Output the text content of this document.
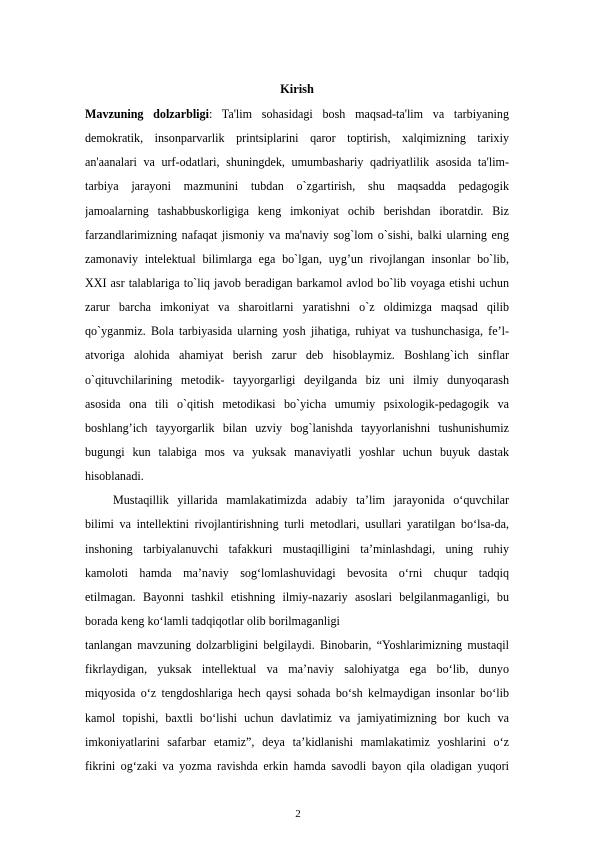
Kirish

Mavzuning dolzarbligi: Ta'lim sohasidagi bosh maqsad-ta'lim va tarbiyaning
demokratik, insonparvarlik printsiplarini qaror toptirish, xalqimizning tarixiy
an'aanalari va urf-odatlari, shuningdek, umumbashariy qadriyatlilik asosida ta'lim-
tarbiya jarayoni mazmunini tubdan o`zgartirish, shu maqsadda pedagogik
jamoalarning tashabbuskorligiga keng imkoniyat ochib berishdan iboratdir. Biz
farzandlarimizning nafaqat jismoniy va ma'naviy sog`lom o`sishi, balki ularning eng
zamonaviy intelektual bilimlarga ega bo`lgan, uyg’un rivojlangan insonlar bo`lib,
XXI asr talablariga to`liq javob beradigan barkamol avlod bo`lib voyaga etishi uchun
zarur barcha imkoniyat va sharoitlarni yaratishni o`z oldimizga maqsad qilib
qo`yganmiz. Bola tarbiyasida ularning yosh jihatiga, ruhiyat va tushunchasiga, fe’l-
atvoriga alohida ahamiyat berish zarur deb hisoblaymiz. Boshlang`ich sinflar
o`qituvchilarining metodik- tayyorgarligi deyilganda biz uni ilmiy dunyoqarash
asosida ona tili o`qitish metodikasi bo`yicha umumiy psixologik-pedagogik va
boshlang’ich tayyorgarlik bilan uzviy bog`lanishda tayyorlanishni tushunishumiz
bugungi kun talabiga mos va yuksak manaviyatli yoshlar uchun buyuk dastak
hisoblanadi.

Mustaqillik yillarida mamlakatimizda adabiy ta’lim jarayonida o‘quvchilar
bilimi va intellektini rivojlantirishning turli metodlari, usullari yaratilgan bo‘lsa-da,
inshoning tarbiyalanuvchi tafakkuri mustaqilligini ta’minlashdagi, uning ruhiy
kamoloti hamda ma’naviy sog‘lomlashuvidagi bevosita o‘rni chuqur tadqiq
etilmagan. Bayonni tashkil etishning ilmiy-nazariy asoslari belgilanmaganligi, bu
borada keng ko‘lamli tadqiqotlar olib borilmaganligi

tanlangan mavzuning dolzarbligini belgilaydi. Binobarin, “Yoshlarimizning mustaqil
fikrlaydigan, yuksak intellektual va ma’naviy salohiyatga ega bo‘lib, dunyo
miqyosida o‘z tengdoshlariga hech qaysi sohada bo‘sh kelmaydigan insonlar bo‘lib
kamol topishi, baxtli bo‘lishi uchun davlatimiz va jamiyatimizning bor kuch va
imkoniyatlarini safarbar etamiz”, deya ta’kidlanishi mamlakatimiz yoshlarini o‘z
fikrini og‘zaki va yozma ravishda erkin hamda savodli bayon qila oladigan yuqori

2
